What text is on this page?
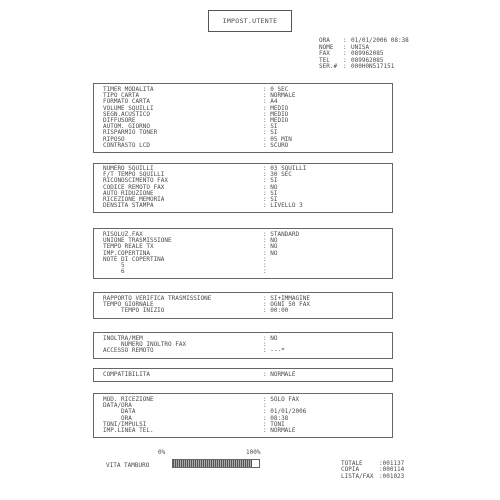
IMPOST.UTENTE
ORA	: 01/01/2006 08:38
NOME	: UNISA
FAX	: 089962085
TEL	: 089962085
SER.# : 000H0N517151
TIMER MODALITA	: 0 SEC
TIPO CARTA	: NORMALE
FORMATO CARTA	: A4
VOLUME SQUILLI	: MEDIO
SEGN.ACUSTICO	: MEDIO
DIFFUSORE	: MEDIO
AUTOM. GIORNO	: SI
RISPARMIO TONER	: SI
RIPOSO	: 05 MIN
CONTRASTO LCD	: SCURO
NUMERO SQUILLI	: 03 SQUILLI
F/T TEMPO SQUILLI	: 30 SEC
RICONOSCIMENTO FAX	: SI
CODICE REMOTO FAX	: NO
AUTO RIDUZIONE	: SI
RICEZIONE MEMORIA	: SI
DENSITA STAMPA	: LIVELLO 3
RISOLUZ.FAX	: STANDARD
UNIONE TRASMISSIONE	: NO
TEMPO REALE TX	: NO
IMP.COPERTINA	: NO
NOTE DI COPERTINA	:
5	:
6	:
RAPPORTO VERIFICA TRASMISSIONE	: SI+IMMAGINE
TEMPO GIORNALE	: OGNI 50 FAX
TEMPO INIZIO	: 00:00
INOLTRA/MEM	: NO
NUMERO INOLTRO FAX	:
ACCESSO REMOTO	: ---*
COMPATIBILITA	: NORMALE
MOD. RICEZIONE	: SOLO FAX
DATA/ORA	:
DATA	: 01/01/2006
ORA	: 08:38
TONI/IMPULSI	: TONI
IMP.LINEA TEL.	: NORMALE
0%	100%
VITA TAMBURO	TOTALE	:001137
COPIA	:000114
LISTA/FAX :001023
